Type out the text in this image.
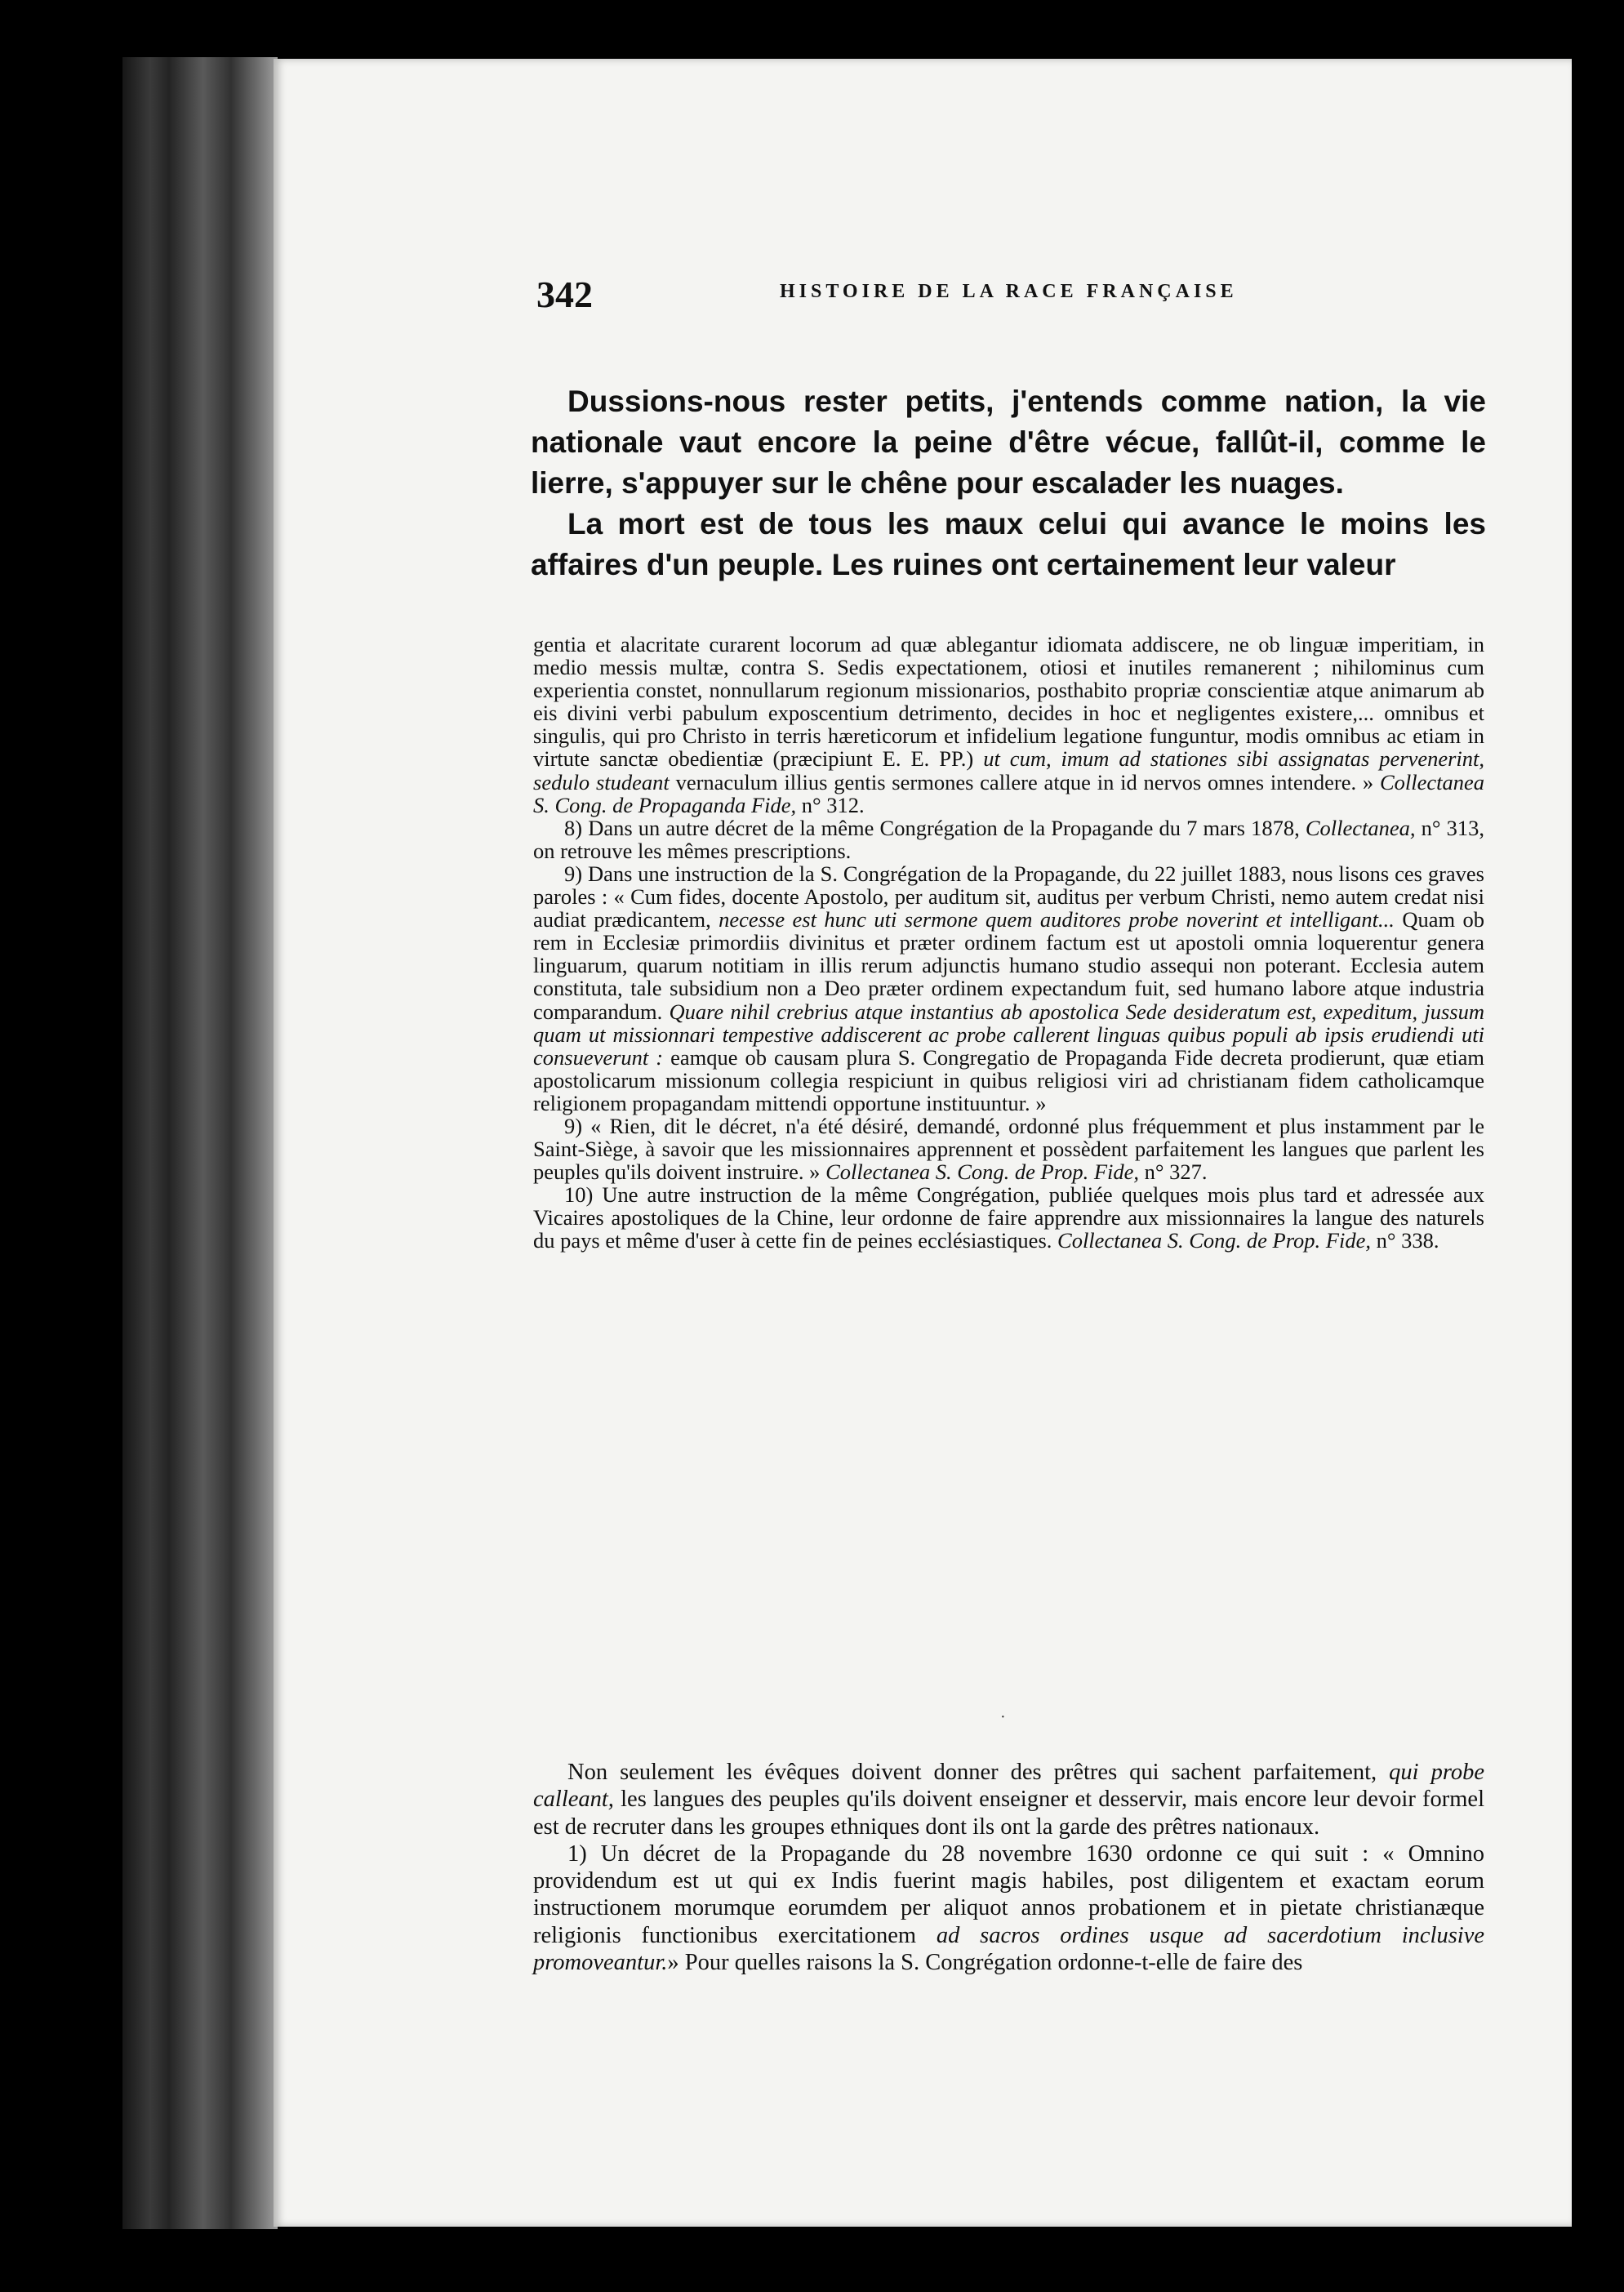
342	HISTOIRE DE LA RACE FRANÇAISE

Dussions-nous rester petits, j'entends comme nation, la vie nationale vaut encore la peine d'être vécue, fallût-il, comme le lierre, s'appuyer sur le chêne pour escalader les nuages.

La mort est de tous les maux celui qui avance le moins les affaires d'un peuple. Les ruines ont certainement leur valeur

gentia et alacritate curarent locorum ad quæ ablegantur idiomata addiscere, ne ob linguæ imperitiam, in medio messis multæ, contra S. Sedis expectationem, otiosi et inutiles remanerent ; nihilominus cum experientia constet, nonnullarum regionum missionarios, posthabito propriæ conscientiæ atque animarum ab eis divini verbi pabulum exposcentium detrimento, decides in hoc et negligentes existere,... omnibus et singulis, qui pro Christo in terris hæreticorum et infidelium legatione funguntur, modis omnibus ac etiam in virtute sanctæ obedientiæ (præcipiunt E. E. PP.) ut cum, imum ad stationes sibi assignatas pervenerint, sedulo studeant vernaculum illius gentis sermones callere atque in id nervos omnes intendere. » Collectanea S. Cong. de Propaganda Fide, n° 312.

8) Dans un autre décret de la même Congrégation de la Propagande du 7 mars 1878, Collectanea, n° 313, on retrouve les mêmes prescriptions.

9) Dans une instruction de la S. Congrégation de la Propagande, du 22 juillet 1883, nous lisons ces graves paroles : « Cum fides, docente Apostolo, per auditum sit, auditus per verbum Christi, nemo autem credat nisi audiat prædicantem, necesse est hunc uti sermone quem auditores probe noverint et intelligant... Quam ob rem in Ecclesiæ primordiis divinitus et præter ordinem factum est ut apostoli omnia loquerentur genera linguarum, quarum notitiam in illis rerum adjunctis humano studio assequi non poterant. Ecclesia autem constituta, tale subsidium non a Deo præter ordinem expectandum fuit, sed humano labore atque industria comparandum. Quare nihil crebrius atque instantius ab apostolica Sede desideratum est, expeditum, jussum quam ut missionnari tempestive addiscerent ac probe callerent linguas quibus populi ab ipsis erudiendi uti consueverunt : eamque ob causam plura S. Congregatio de Propaganda Fide decreta prodierunt, quæ etiam apostolicarum missionum collegia respiciunt in quibus religiosi viri ad christianam fidem catholicamque religionem propagandam mittendi opportune instituuntur. »

9) « Rien, dit le décret, n'a été désiré, demandé, ordonné plus fréquemment et plus instamment par le Saint-Siège, à savoir que les missionnaires apprennent et possèdent parfaitement les langues que parlent les peuples qu'ils doivent instruire. » Collectanea S. Cong. de Prop. Fide, n° 327.

10) Une autre instruction de la même Congrégation, publiée quelques mois plus tard et adressée aux Vicaires apostoliques de la Chine, leur ordonne de faire apprendre aux missionnaires la langue des naturels du pays et même d'user à cette fin de peines ecclésiastiques. Collectanea S. Cong. de Prop. Fide, n° 338.

·

Non seulement les évêques doivent donner des prêtres qui sachent parfaitement, qui probe calleant, les langues des peuples qu'ils doivent enseigner et desservir, mais encore leur devoir formel est de recruter dans les groupes ethniques dont ils ont la garde des prêtres nationaux.

1) Un décret de la Propagande du 28 novembre 1630 ordonne ce qui suit : « Omnino providendum est ut qui ex Indis fuerint magis habiles, post diligentem et exactam eorum instructionem morumque eorumdem per aliquot annos probationem et in pietate christianæque religionis functionibus exercitationem ad sacros ordines usque ad sacerdotium inclusive promoveantur.» Pour quelles raisons la S. Congrégation ordonne-t-elle de faire des
